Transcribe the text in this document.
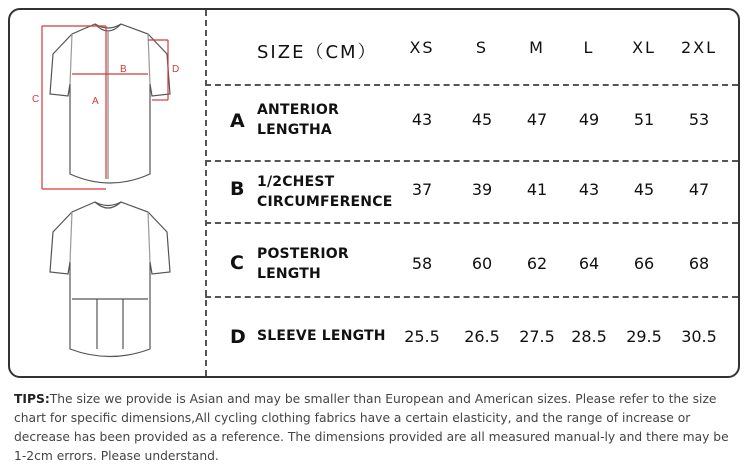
A
B
C
D
SIZE（CM）	XS	S	M	L	XL	2XL
A ANTERIOR
LENGTHA
43	45	47	49	51	53
B 1/2CHEST
CIRCUMFERENCE
37	39	41	43	45	47
C POSTERIOR
LENGTH
58	60	62	64	66	68
D SLEEVE LENGTH	25.5	26.5	27.5	28.5	29.5	30.5
TIPS:The size we provide is Asian and may be smaller than European and American sizes. Please refer to the size chart for specific dimensions,All cycling clothing fabrics have a certain elasticity, and the range of increase or decrease has been provided as a reference. The dimensions provided are all measured manual-ly and there may be 1-2cm errors. Please understand.
